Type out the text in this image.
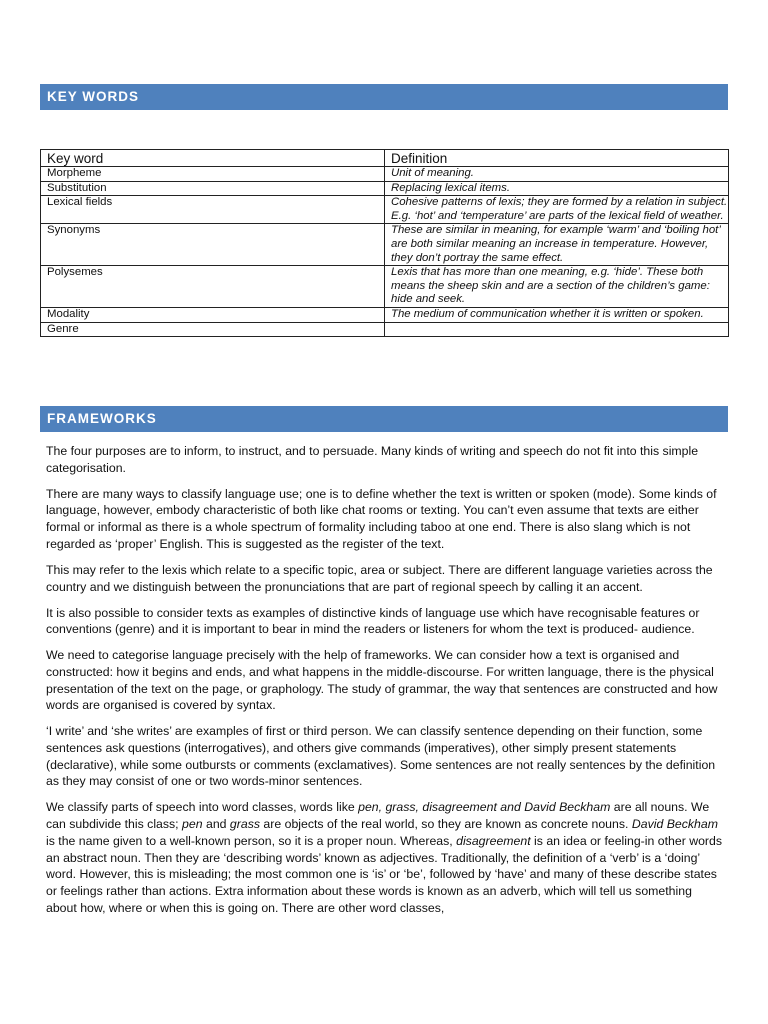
KEY WORDS
Key word	Definition
Morpheme	Unit of meaning.
Substitution	Replacing lexical items.
Lexical fields	Cohesive patterns of lexis; they are formed by a relation in subject. E.g. ‘hot’ and ‘temperature’ are parts of the lexical field of weather.
Synonyms	These are similar in meaning, for example ‘warm’ and ‘boiling hot’ are both similar meaning an increase in temperature. However, they don’t portray the same effect.
Polysemes	Lexis that has more than one meaning, e.g. ‘hide’. These both means the sheep skin and are a section of the children’s game: hide and seek.
Modality	The medium of communication whether it is written or spoken.
Genre	
FRAMEWORKS

The four purposes are to inform, to instruct, and to persuade. Many kinds of writing and speech do not fit into this simple categorisation.

There are many ways to classify language use; one is to define whether the text is written or spoken (mode). Some kinds of language, however, embody characteristic of both like chat rooms or texting. You can’t even assume that texts are either formal or informal as there is a whole spectrum of formality including taboo at one end. There is also slang which is not regarded as ‘proper’ English. This is suggested as the register of the text.

This may refer to the lexis which relate to a specific topic, area or subject. There are different language varieties across the country and we distinguish between the pronunciations that are part of regional speech by calling it an accent.

It is also possible to consider texts as examples of distinctive kinds of language use which have recognisable features or conventions (genre) and it is important to bear in mind the readers or listeners for whom the text is produced- audience.

We need to categorise language precisely with the help of frameworks. We can consider how a text is organised and constructed: how it begins and ends, and what happens in the middle-discourse. For written language, there is the physical presentation of the text on the page, or graphology. The study of grammar, the way that sentences are constructed and how words are organised is covered by syntax.

‘I write’ and ‘she writes’ are examples of first or third person. We can classify sentence depending on their function, some sentences ask questions (interrogatives), and others give commands (imperatives), other simply present statements (declarative), while some outbursts or comments (exclamatives). Some sentences are not really sentences by the definition as they may consist of one or two words-minor sentences.

We classify parts of speech into word classes, words like pen, grass, disagreement and David Beckham are all nouns. We can subdivide this class; pen and grass are objects of the real world, so they are known as concrete nouns. David Beckham is the name given to a well-known person, so it is a proper noun. Whereas, disagreement is an idea or feeling-in other words an abstract noun. Then they are ‘describing words’ known as adjectives. Traditionally, the definition of a ‘verb’ is a ‘doing’ word. However, this is misleading; the most common one is ‘is’ or ‘be’, followed by ‘have’ and many of these describe states or feelings rather than actions. Extra information about these words is known as an adverb, which will tell us something about how, where or when this is going on. There are other word classes,
